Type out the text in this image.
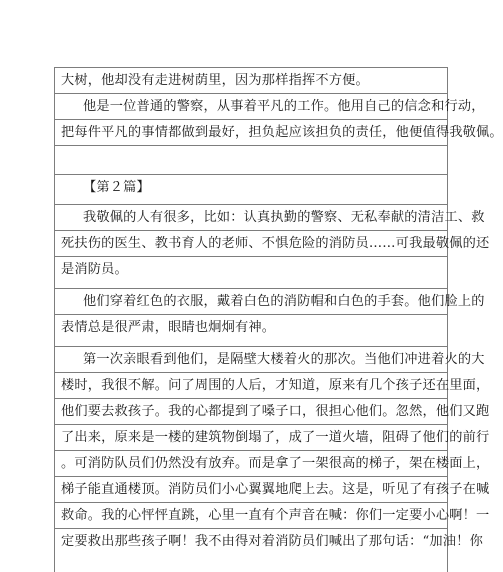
大树，他却没有走进树荫里，因为那样指挥不方便。
他是一位普通的警察，从事着平凡的工作。他用自己的信念和行动，
把每件平凡的事情都做到最好，担负起应该担负的责任，他便值得我敬佩。
【第２篇】
我敬佩的人有很多，比如：认真执勤的警察、无私奉献的清洁工、救
死扶伤的医生、教书育人的老师、不惧危险的消防员……可我最敬佩的还
是消防员。
他们穿着红色的衣服，戴着白色的消防帽和白色的手套。他们脸上的
表情总是很严肃，眼睛也炯炯有神。
第一次亲眼看到他们，是隔壁大楼着火的那次。当他们冲进着火的大
楼时，我很不解。问了周围的人后，才知道，原来有几个孩子还在里面，
他们要去救孩子。我的心都提到了嗓子口，很担心他们。忽然，他们又跑
了出来，原来是一楼的建筑物倒塌了，成了一道火墙，阻碍了他们的前行
。可消防队员们仍然没有放弃。而是拿了一架很高的梯子，架在楼面上，
梯子能直通楼顶。消防员们小心翼翼地爬上去。这是，听见了有孩子在喊
救命。我的心怦怦直跳，心里一直有个声音在喊：你们一定要小心啊！一
定要救出那些孩子啊！我不由得对着消防员们喊出了那句话：“加油！你
